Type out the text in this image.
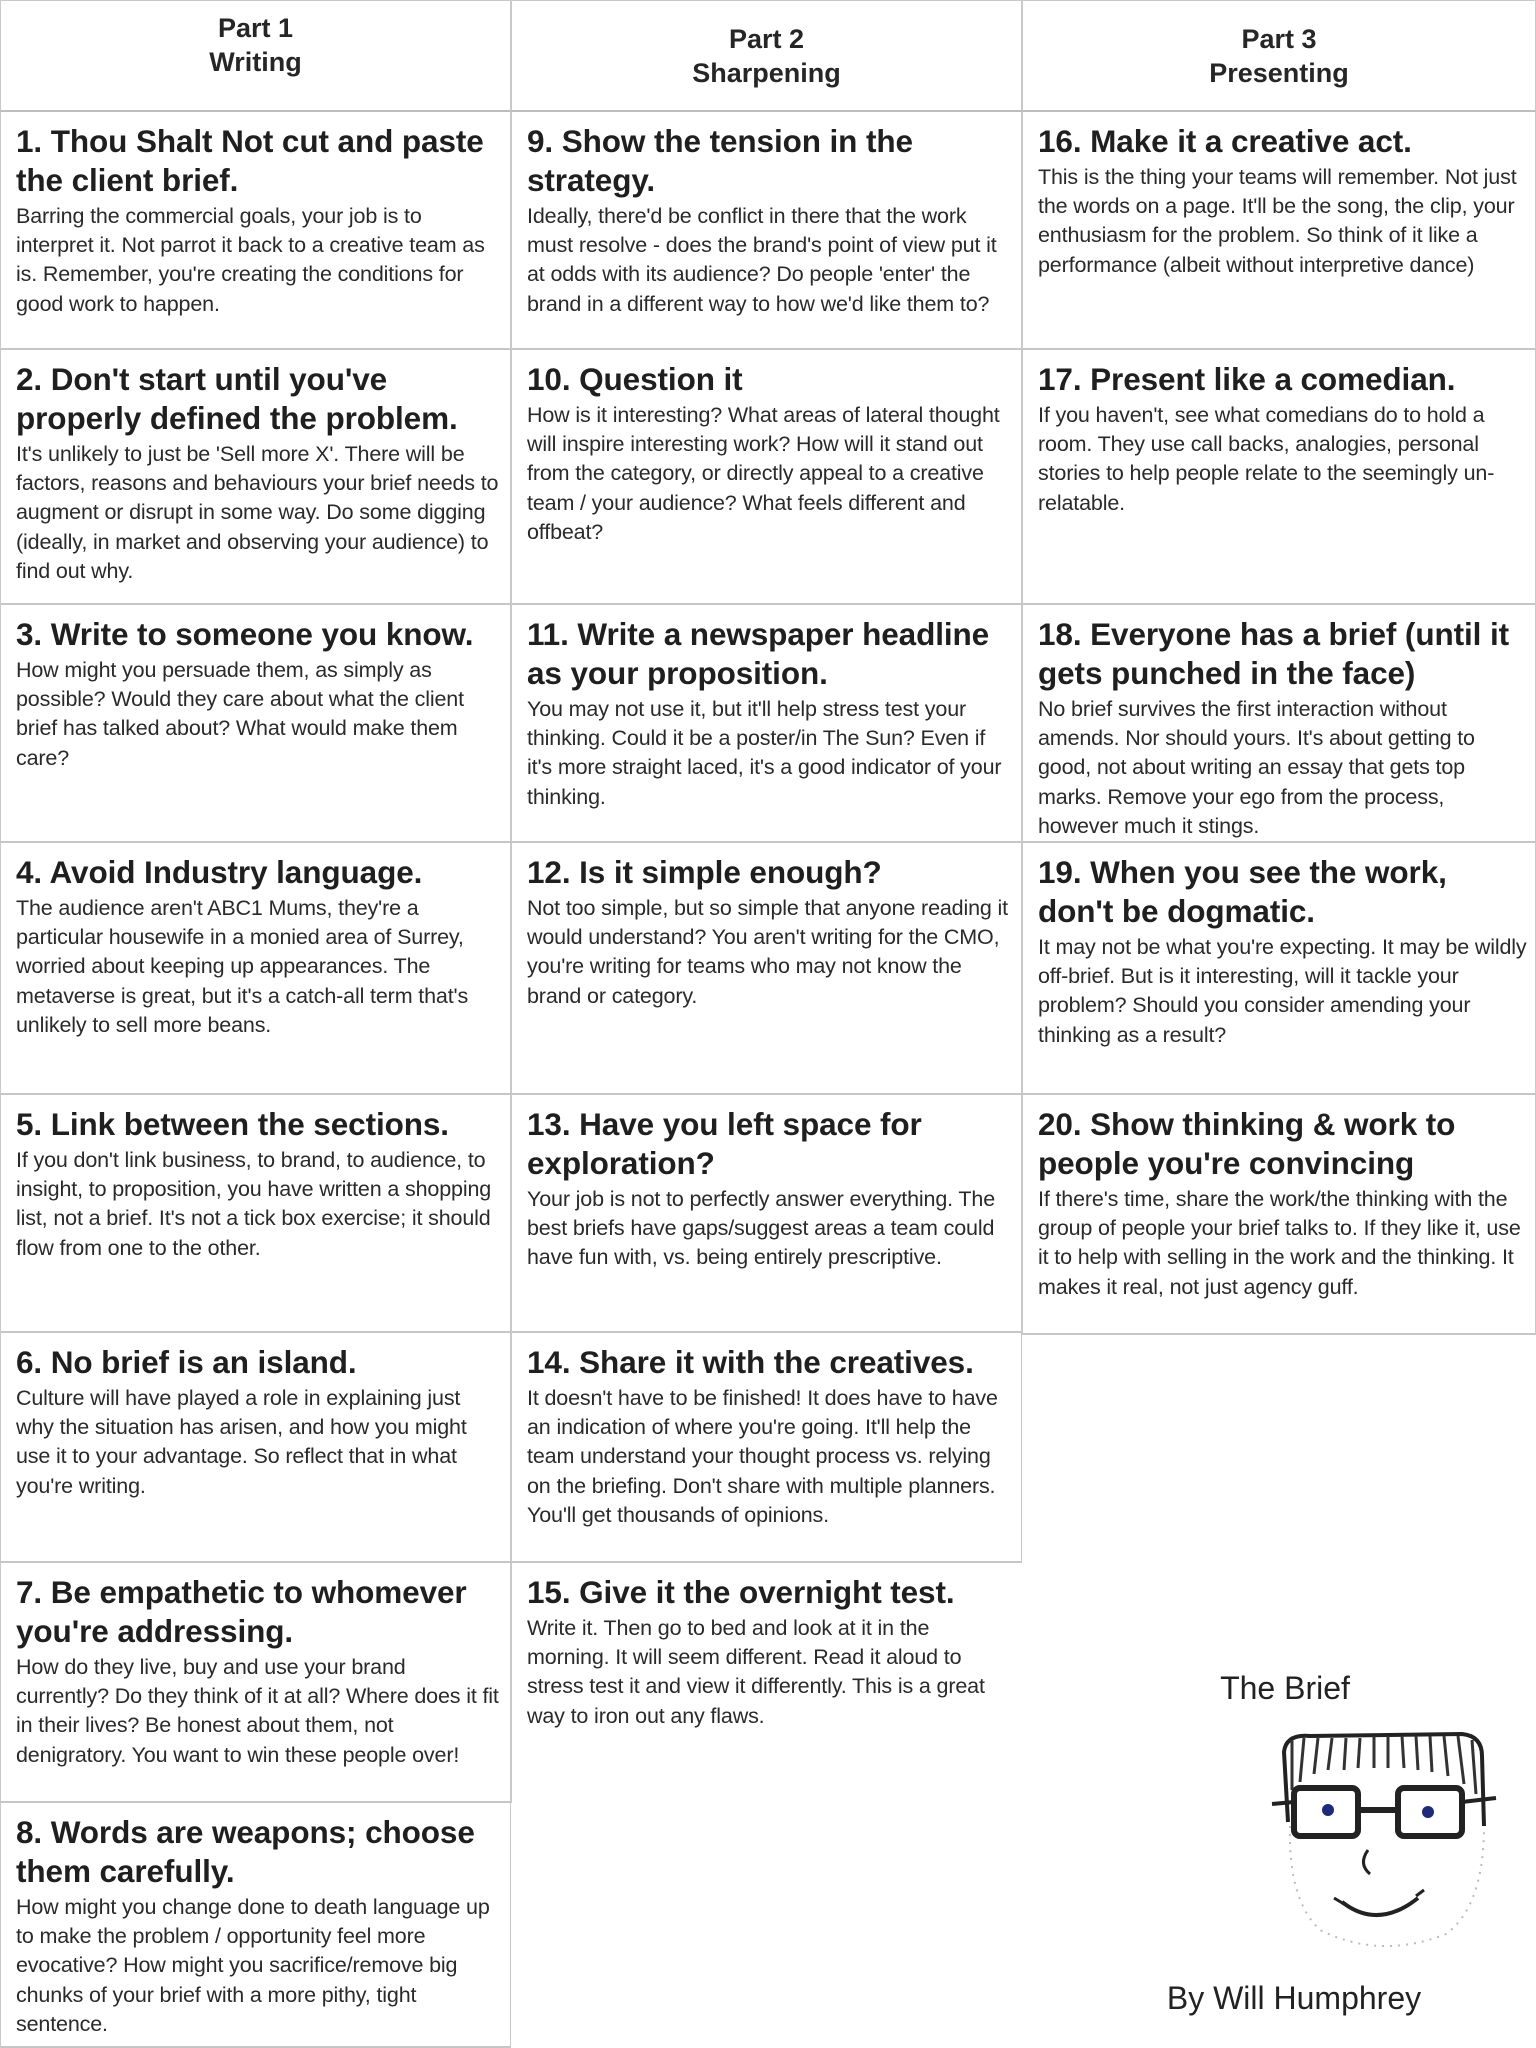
Part 1
Writing
1. Thou Shalt Not cut and paste the client brief.

Barring the commercial goals, your job is to interpret it. Not parrot it back to a creative team as is. Remember, you're creating the conditions for good work to happen.

2. Don't start until you've properly defined the problem.

It's unlikely to just be 'Sell more X'. There will be factors, reasons and behaviours your brief needs to augment or disrupt in some way. Do some digging (ideally, in market and observing your audience) to find out why.

3. Write to someone you know.

How might you persuade them, as simply as possible? Would they care about what the client brief has talked about? What would make them care?

4. Avoid Industry language.

The audience aren't ABC1 Mums, they're a particular housewife in a monied area of Surrey, worried about keeping up appearances. The metaverse is great, but it's a catch-all term that's unlikely to sell more beans.

5. Link between the sections.

If you don't link business, to brand, to audience, to insight, to proposition, you have written a shopping list, not a brief. It's not a tick box exercise; it should flow from one to the other.

6. No brief is an island.

Culture will have played a role in explaining just why the situation has arisen, and how you might use it to your advantage. So reflect that in what you're writing.

7. Be empathetic to whomever you're addressing.

How do they live, buy and use your brand currently? Do they think of it at all? Where does it fit in their lives? Be honest about them, not denigratory. You want to win these people over!

8. Words are weapons; choose them carefully.

How might you change done to death language up to make the problem / opportunity feel more evocative? How might you sacrifice/remove big chunks of your brief with a more pithy, tight sentence.

Part 2
Sharpening
9. Show the tension in the strategy.

Ideally, there'd be conflict in there that the work must resolve - does the brand's point of view put it at odds with its audience? Do people 'enter' the brand in a different way to how we'd like them to?

10. Question it

How is it interesting? What areas of lateral thought will inspire interesting work? How will it stand out from the category, or directly appeal to a creative team / your audience? What feels different and offbeat?

11. Write a newspaper headline as your proposition.

You may not use it, but it'll help stress test your thinking. Could it be a poster/in The Sun? Even if it's more straight laced, it's a good indicator of your thinking.

12. Is it simple enough?

Not too simple, but so simple that anyone reading it would understand? You aren't writing for the CMO, you're writing for teams who may not know the brand or category.

13. Have you left space for exploration?

Your job is not to perfectly answer everything. The best briefs have gaps/suggest areas a team could have fun with, vs. being entirely prescriptive.

14. Share it with the creatives.

It doesn't have to be finished! It does have to have an indication of where you're going. It'll help the team understand your thought process vs. relying on the briefing. Don't share with multiple planners. You'll get thousands of opinions.

15. Give it the overnight test.

Write it. Then go to bed and look at it in the morning. It will seem different. Read it aloud to stress test it and view it differently. This is a great way to iron out any flaws.

Part 3
Presenting
16. Make it a creative act.

This is the thing your teams will remember. Not just the words on a page. It'll be the song, the clip, your enthusiasm for the problem. So think of it like a performance (albeit without interpretive dance)

17. Present like a comedian.

If you haven't, see what comedians do to hold a room. They use call backs, analogies, personal stories to help people relate to the seemingly un-relatable.

18. Everyone has a brief (until it gets punched in the face)

No brief survives the first interaction without amends. Nor should yours. It's about getting to good, not about writing an essay that gets top marks. Remove your ego from the process, however much it stings.

19. When you see the work, don't be dogmatic.

It may not be what you're expecting. It may be wildly off-brief. But is it interesting, will it tackle your problem? Should you consider amending your thinking as a result?

20. Show thinking & work to people you're convincing

If there's time, share the work/the thinking with the group of people your brief talks to. If they like it, use it to help with selling in the work and the thinking. It makes it real, not just agency guff.

The Brief
By Will Humphrey
